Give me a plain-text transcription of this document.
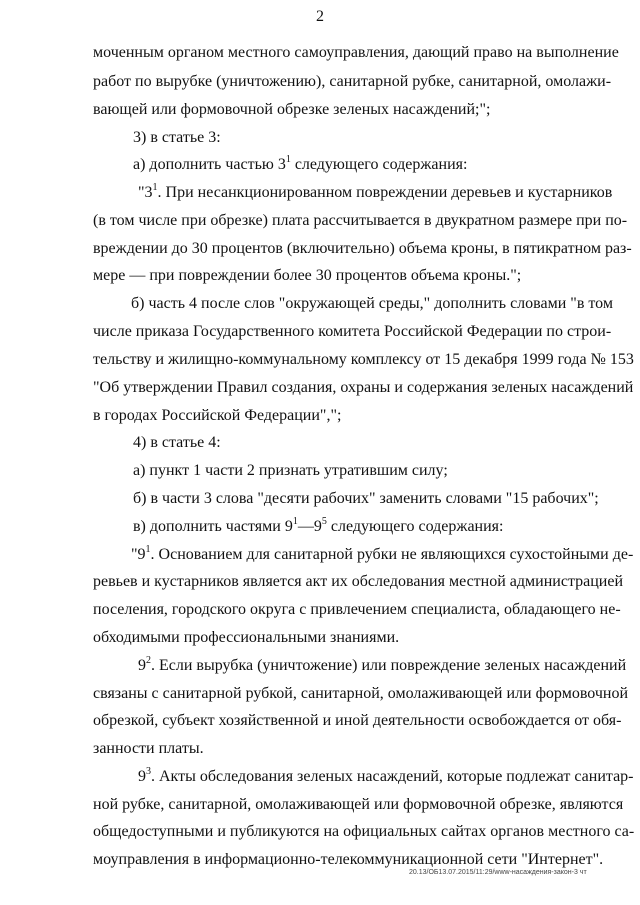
2
моченным органом местного самоуправления, дающий право на выполнение
работ по вырубке (уничтожению), санитарной рубке, санитарной, омолажи-
вающей или формовочной обрезке зеленых насаждений;";
3) в статье 3:
а) дополнить частью $3^1$ следующего содержания:
"$3^1$. При несанкционированном повреждении деревьев и кустарников
(в том числе при обрезке) плата рассчитывается в двукратном размере при по-
вреждении до 30 процентов (включительно) объема кроны, в пятикратном раз-
мере — при повреждении более 30 процентов объема кроны.";
б) часть 4 после слов "окружающей среды," дополнить словами "в том
числе приказа Государственного комитета Российской Федерации по строи-
тельству и жилищно-коммунальному комплексу от 15 декабря 1999 года № 153
"Об утверждении Правил создания, охраны и содержания зеленых насаждений
в городах Российской Федерации",";
4) в статье 4:
а) пункт 1 части 2 признать утратившим силу;
б) в части 3 слова "десяти рабочих" заменить словами "15 рабочих";
в) дополнить частями $9^1—9^5$ следующего содержания:
"$9^1$. Основанием для санитарной рубки не являющихся сухостойными де-
ревьев и кустарников является акт их обследования местной администрацией
поселения, городского округа с привлечением специалиста, обладающего не-
обходимыми профессиональными знаниями.
$9^2$. Если вырубка (уничтожение) или повреждение зеленых насаждений
связаны с санитарной рубкой, санитарной, омолаживающей или формовочной
обрезкой, субъект хозяйственной и иной деятельности освобождается от обя-
занности платы.
$9^3$. Акты обследования зеленых насаждений, которые подлежат санитар-
ной рубке, санитарной, омолаживающей или формовочной обрезке, являются
общедоступными и публикуются на официальных сайтах органов местного са-
моуправления в информационно-телекоммуникационной сети "Интернет".
20.13/ОБ13.07.2015/11:29/www-насаждения-закон-3 чт
